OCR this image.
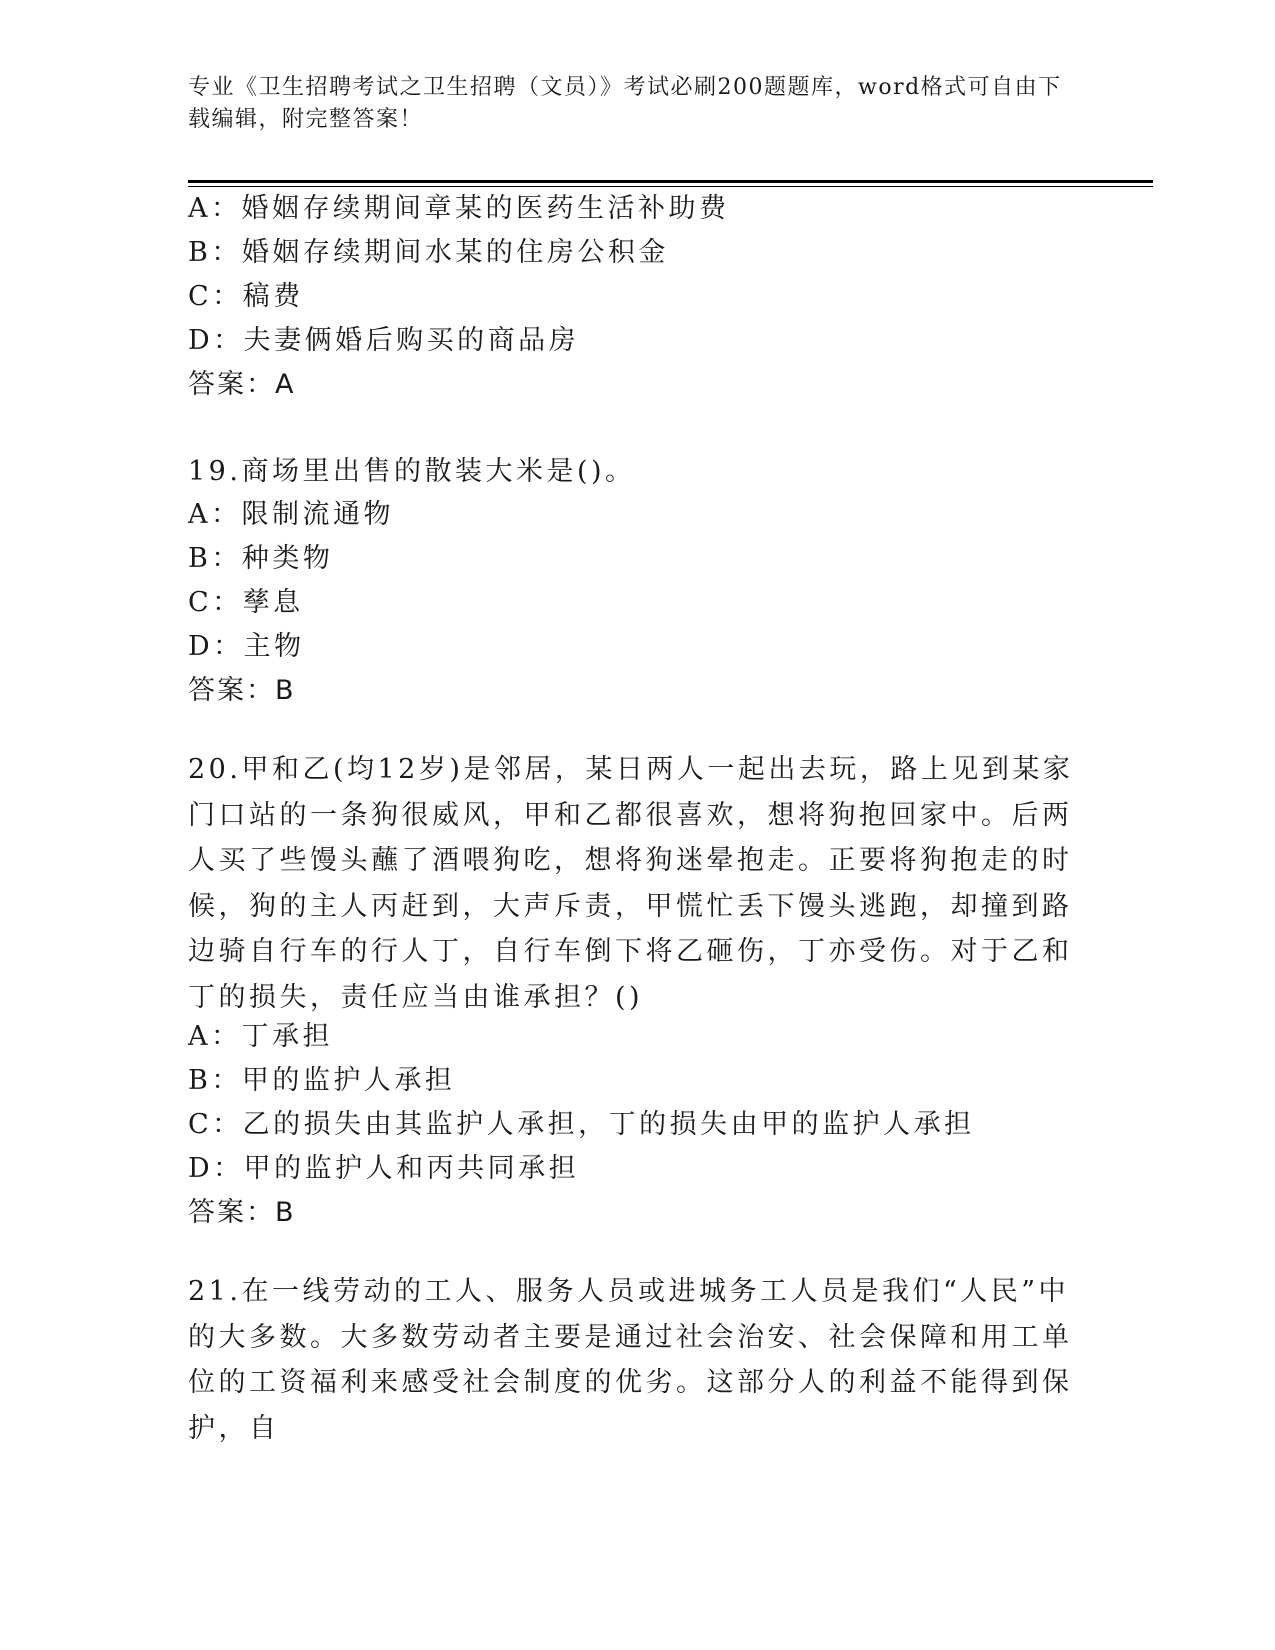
专业《卫生招聘考试之卫生招聘（文员）》考试必刷200题题库，word格式可自由下载编辑，附完整答案！
A：婚姻存续期间章某的医药生活补助费
B：婚姻存续期间水某的住房公积金
C：稿费
D：夫妻俩婚后购买的商品房
答案：A
19.商场里出售的散装大米是()。
A：限制流通物
B：种类物
C：孳息
D：主物
答案：B
20.甲和乙(均12岁)是邻居，某日两人一起出去玩，路上见到某家门口站的一条狗很威风，甲和乙都很喜欢，想将狗抱回家中。后两人买了些馒头蘸了酒喂狗吃，想将狗迷晕抱走。正要将狗抱走的时候，狗的主人丙赶到，大声斥责，甲慌忙丢下馒头逃跑，却撞到路边骑自行车的行人丁，自行车倒下将乙砸伤，丁亦受伤。对于乙和丁的损失，责任应当由谁承担？()
A：丁承担
B：甲的监护人承担
C：乙的损失由其监护人承担，丁的损失由甲的监护人承担
D：甲的监护人和丙共同承担
答案：B
21.在一线劳动的工人、服务人员或进城务工人员是我们“人民”中的大多数。大多数劳动者主要是通过社会治安、社会保障和用工单位的工资福利来感受社会制度的优劣。这部分人的利益不能得到保护，自
